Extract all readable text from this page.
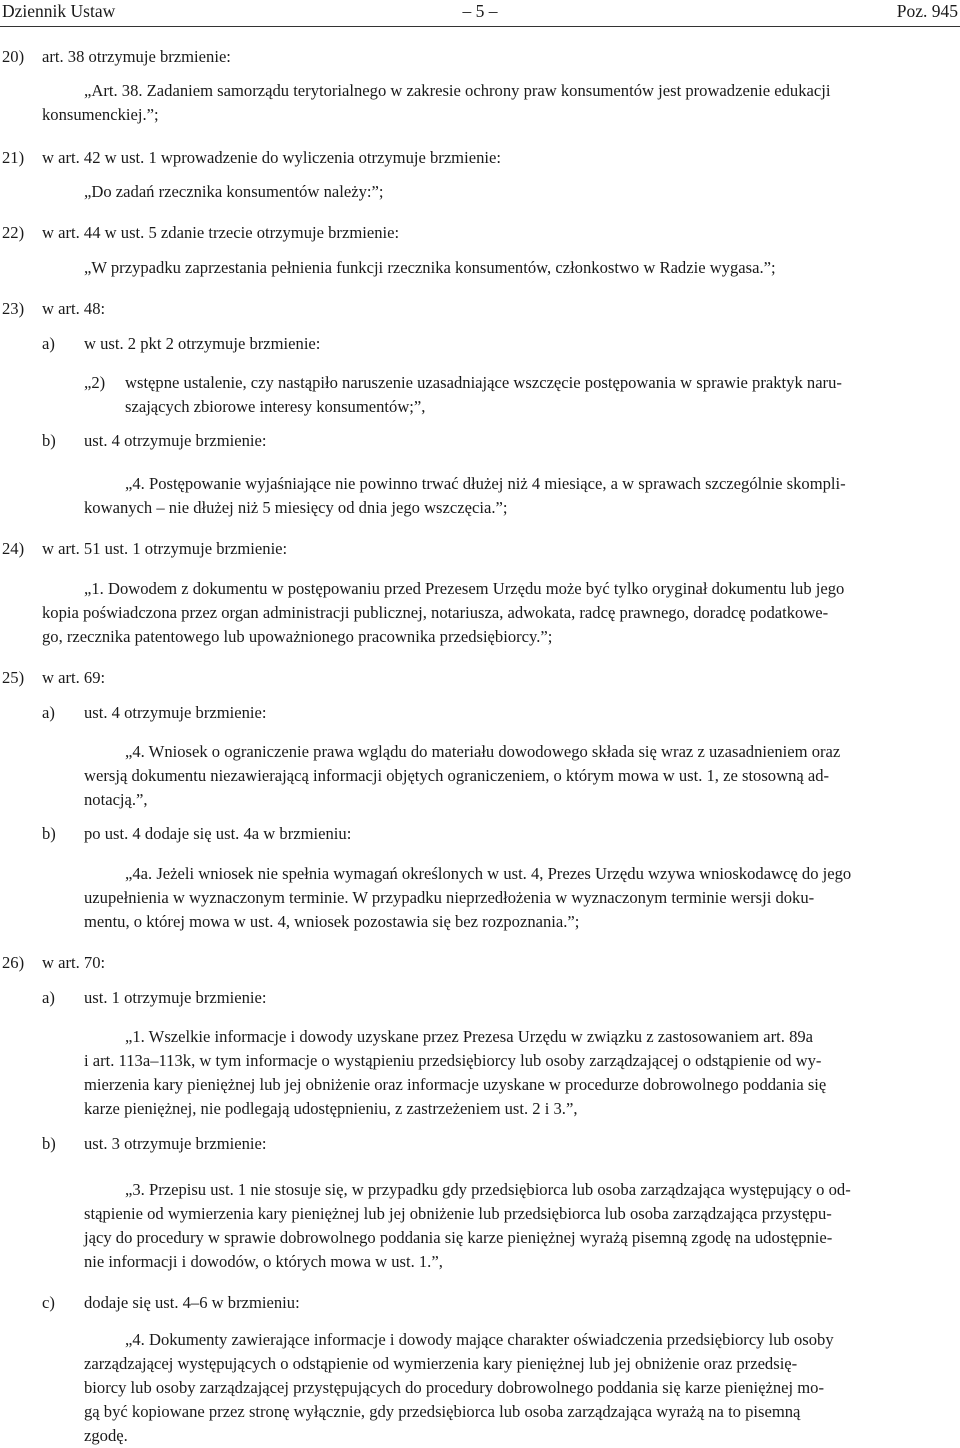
Dziennik Ustaw	– 5 –	Poz. 945
20) art. 38 otrzymuje brzmienie:
„Art. 38. Zadaniem samorządu terytorialnego w zakresie ochrony praw konsumentów jest prowadzenie edukacji
konsumenckiej.”;
21) w art. 42 w ust. 1 wprowadzenie do wyliczenia otrzymuje brzmienie:
„Do zadań rzecznika konsumentów należy:”;
22) w art. 44 w ust. 5 zdanie trzecie otrzymuje brzmienie:
„W przypadku zaprzestania pełnienia funkcji rzecznika konsumentów, członkostwo w Radzie wygasa.”;
23) w art. 48:
a) w ust. 2 pkt 2 otrzymuje brzmienie:
„2) wstępne ustalenie, czy nastąpiło naruszenie uzasadniające wszczęcie postępowania w sprawie praktyk naru-
szających zbiorowe interesy konsumentów;”,
b) ust. 4 otrzymuje brzmienie:
„4. Postępowanie wyjaśniające nie powinno trwać dłużej niż 4 miesiące, a w sprawach szczególnie skompli-
kowanych – nie dłużej niż 5 miesięcy od dnia jego wszczęcia.”;
24) w art. 51 ust. 1 otrzymuje brzmienie:
„1. Dowodem z dokumentu w postępowaniu przed Prezesem Urzędu może być tylko oryginał dokumentu lub jego
kopia poświadczona przez organ administracji publicznej, notariusza, adwokata, radcę prawnego, doradcę podatkowe-
go, rzecznika patentowego lub upoważnionego pracownika przedsiębiorcy.”;
25) w art. 69:
a) ust. 4 otrzymuje brzmienie:
„4. Wniosek o ograniczenie prawa wglądu do materiału dowodowego składa się wraz z uzasadnieniem oraz
wersją dokumentu niezawierającą informacji objętych ograniczeniem, o którym mowa w ust. 1, ze stosowną ad-
notacją.”,
b) po ust. 4 dodaje się ust. 4a w brzmieniu:
„4a. Jeżeli wniosek nie spełnia wymagań określonych w ust. 4, Prezes Urzędu wzywa wnioskodawcę do jego
uzupełnienia w wyznaczonym terminie. W przypadku nieprzedłożenia w wyznaczonym terminie wersji doku-
mentu, o której mowa w ust. 4, wniosek pozostawia się bez rozpoznania.”;
26) w art. 70:
a) ust. 1 otrzymuje brzmienie:
„1. Wszelkie informacje i dowody uzyskane przez Prezesa Urzędu w związku z zastosowaniem art. 89a
i art. 113a–113k, w tym informacje o wystąpieniu przedsiębiorcy lub osoby zarządzającej o odstąpienie od wy-
mierzenia kary pieniężnej lub jej obniżenie oraz informacje uzyskane w procedurze dobrowolnego poddania się
karze pieniężnej, nie podlegają udostępnieniu, z zastrzeżeniem ust. 2 i 3.”,
b) ust. 3 otrzymuje brzmienie:
„3. Przepisu ust. 1 nie stosuje się, w przypadku gdy przedsiębiorca lub osoba zarządzająca występujący o od-
stąpienie od wymierzenia kary pieniężnej lub jej obniżenie lub przedsiębiorca lub osoba zarządzająca przystępu-
jący do procedury w sprawie dobrowolnego poddania się karze pieniężnej wyrażą pisemną zgodę na udostępnie-
nie informacji i dowodów, o których mowa w ust. 1.”,
c) dodaje się ust. 4–6 w brzmieniu:
„4. Dokumenty zawierające informacje i dowody mające charakter oświadczenia przedsiębiorcy lub osoby
zarządzającej występujących o odstąpienie od wymierzenia kary pieniężnej lub jej obniżenie oraz przedsię-
biorcy lub osoby zarządzającej przystępujących do procedury dobrowolnego poddania się karze pieniężnej mo-
gą być kopiowane przez stronę wyłącznie, gdy przedsiębiorca lub osoba zarządzająca wyrażą na to pisemną
zgodę.
